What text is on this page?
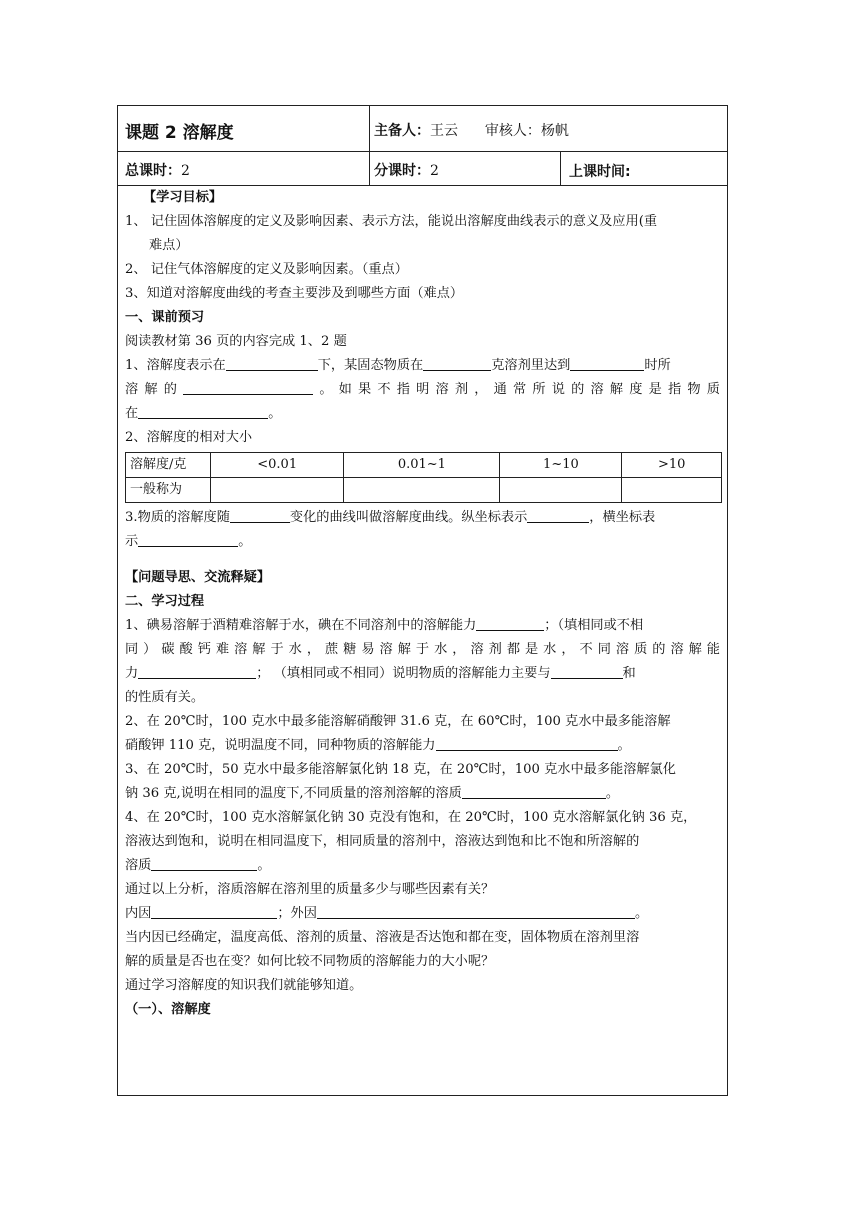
课题 2 溶解度	主备人：王云 审核人：杨帆
总课时：2	分课时：2	上课时间:

【学习目标】

1、 记住固体溶解度的定义及影响因素、表示方法，能说出溶解度曲线表示的意义及应用(重

难点）

2、 记住气体溶解度的定义及影响因素。（重点）

3、知道对溶解度曲线的考查主要涉及到哪些方面（难点）

一、课前预习

阅读教材第 36 页的内容完成 1、2 题

1、溶解度表示在	下，某固态物质在	克溶剂里达到	时所

溶解的	。如果不指明溶剂，通常所说的溶解度是指物质

在	。

2、溶解度的相对大小

溶解度/克	<0.01	0.01~1	1~10	>10
一般称为				

3.物质的溶解度随	变化的曲线叫做溶解度曲线。纵坐标表示	，横坐标表

示	。

【问题导思、交流释疑】

二、学习过程

1、碘易溶解于酒精难溶解于水，碘在不同溶剂中的溶解能力	；（填相同或不相

同）碳酸钙难溶解于水，蔗糖易溶解于水，溶剂都是水，不同溶质的溶解能

力	； （填相同或不相同）说明物质的溶解能力主要与	和

的性质有关。

2、在 20℃时，100 克水中最多能溶解硝酸钾 31.6 克，在 60℃时，100 克水中最多能溶解

硝酸钾 110 克，说明温度不同，同种物质的溶解能力	。

3、在 20℃时，50 克水中最多能溶解氯化钠 18 克，在 20℃时，100 克水中最多能溶解氯化

钠 36 克,说明在相同的温度下,不同质量的溶剂溶解的溶质	。

4、在 20℃时，100 克水溶解氯化钠 30 克没有饱和，在 20℃时，100 克水溶解氯化钠 36 克，

溶液达到饱和，说明在相同温度下，相同质量的溶剂中，溶液达到饱和比不饱和所溶解的

溶质	。

通过以上分析，溶质溶解在溶剂里的质量多少与哪些因素有关？

内因	；外因	。

当内因已经确定，温度高低、溶剂的质量、溶液是否达饱和都在变，固体物质在溶剂里溶

解的质量是否也在变？如何比较不同物质的溶解能力的大小呢？

通过学习溶解度的知识我们就能够知道。

（一）、溶解度
